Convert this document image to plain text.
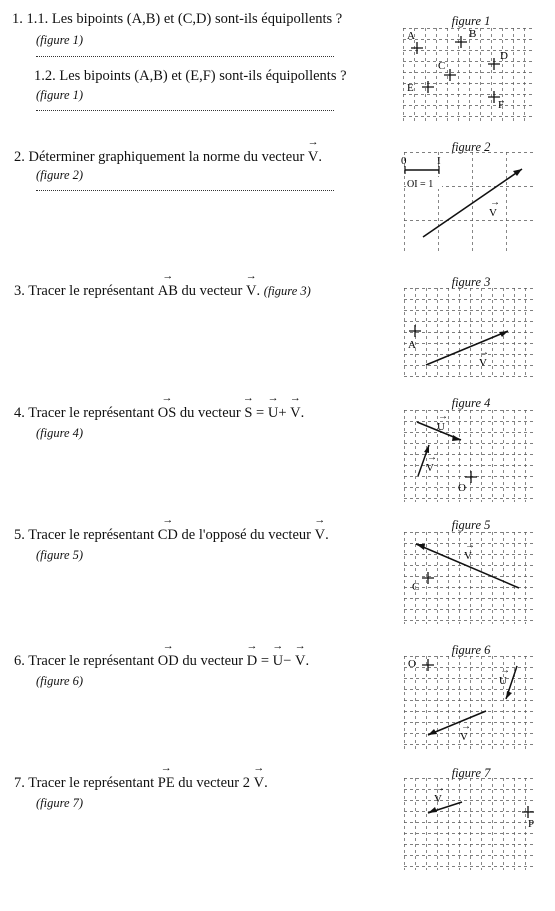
1. 1.1. Les bipoints (A,B) et (C,D) sont-ils équipollents ?
(figure 1)
1.2. Les bipoints (A,B) et (E,F) sont-ils équipollents ?
(figure 1)
2. Déterminer graphiquement la norme du vecteur → V.
(figure 2)
3. Tracer le représentant → AB du vecteur → V. (figure 3)
4. Tracer le représentant → OS du vecteur → S = → U+ → V.
(figure 4)
5. Tracer le représentant → CD de l'opposé du vecteur → V.
(figure 5)
6. Tracer le représentant → OD du vecteur → D = → U− → V.
(figure 6)
7. Tracer le représentant → PE du vecteur 2 → V.
(figure 7)
figure 1
figure 2
figure 3
figure 4
figure 5
figure 6
figure 7
A	B
C
D
E
F
0	I
OI = 1
V
→
A
V
→
U
→
V
→
O
V
→
C
O
U
→
V
→
V
→
P
